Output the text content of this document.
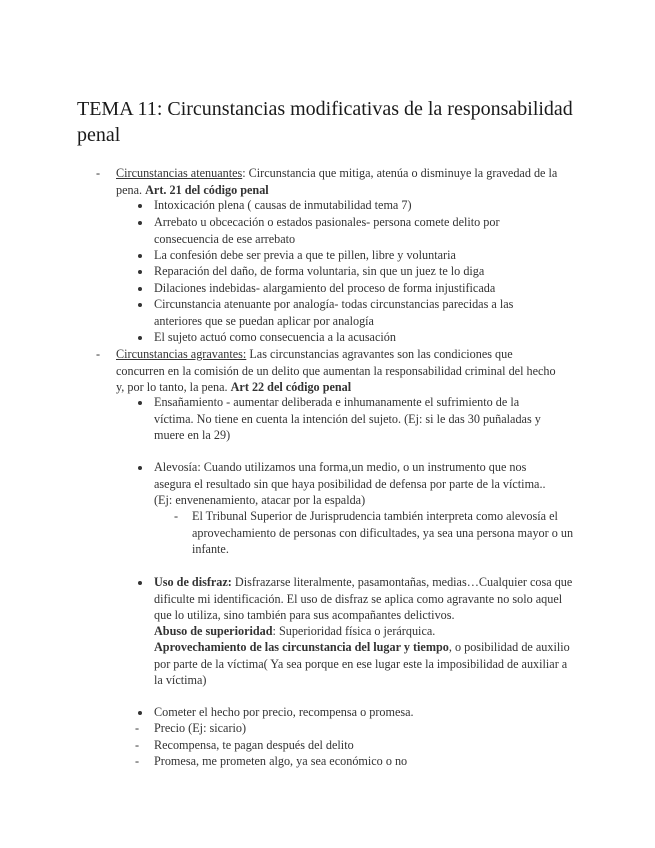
TEMA 11: Circunstancias modificativas de la responsabilidad penal
- Circunstancias atenuantes: Circunstancia que mitiga, atenúa o disminuye la gravedad de la pena. Art. 21 del código penal
Intoxicación plena ( causas de inmutabilidad tema 7)
Arrebato u obcecación o estados pasionales- persona comete delito por consecuencia de ese arrebato
La confesión debe ser previa a que te pillen, libre y voluntaria
Reparación del daño, de forma voluntaria, sin que un juez te lo diga
Dilaciones indebidas- alargamiento del proceso de forma injustificada
Circunstancia atenuante por analogía- todas circunstancias parecidas a las anteriores que se puedan aplicar por analogía
El sujeto actuó como consecuencia a la acusación
- Circunstancias agravantes: Las circunstancias agravantes son las condiciones que concurren en la comisión de un delito que aumentan la responsabilidad criminal del hecho y, por lo tanto, la pena. Art 22 del código penal
Ensañamiento - aumentar deliberada e inhumanamente el sufrimiento de la víctima. No tiene en cuenta la intención del sujeto. (Ej: si le das 30 puñaladas y muere en la 29)
Alevosía: Cuando utilizamos una forma,un medio, o un instrumento que nos asegura el resultado sin que haya posibilidad de defensa por parte de la víctima.. (Ej: envenenamiento, atacar por la espalda)
- El Tribunal Superior de Jurisprudencia también interpreta como alevosía el aprovechamiento de personas con dificultades, ya sea una persona mayor o un infante.
Uso de disfraz: Disfrazarse literalmente, pasamontañas, medias…Cualquier cosa que dificulte mi identificación. El uso de disfraz se aplica como agravante no solo aquel que lo utiliza, sino también para sus acompañantes delictivos.
Abuso de superioridad: Superioridad física o jerárquica.
Aprovechamiento de las circunstancia del lugar y tiempo, o posibilidad de auxilio por parte de la víctima( Ya sea porque en ese lugar este la imposibilidad de auxiliar a la víctima)
Cometer el hecho por precio, recompensa o promesa.
- Precio (Ej: sicario)
- Recompensa, te pagan después del delito
- Promesa, me prometen algo, ya sea económico o no
